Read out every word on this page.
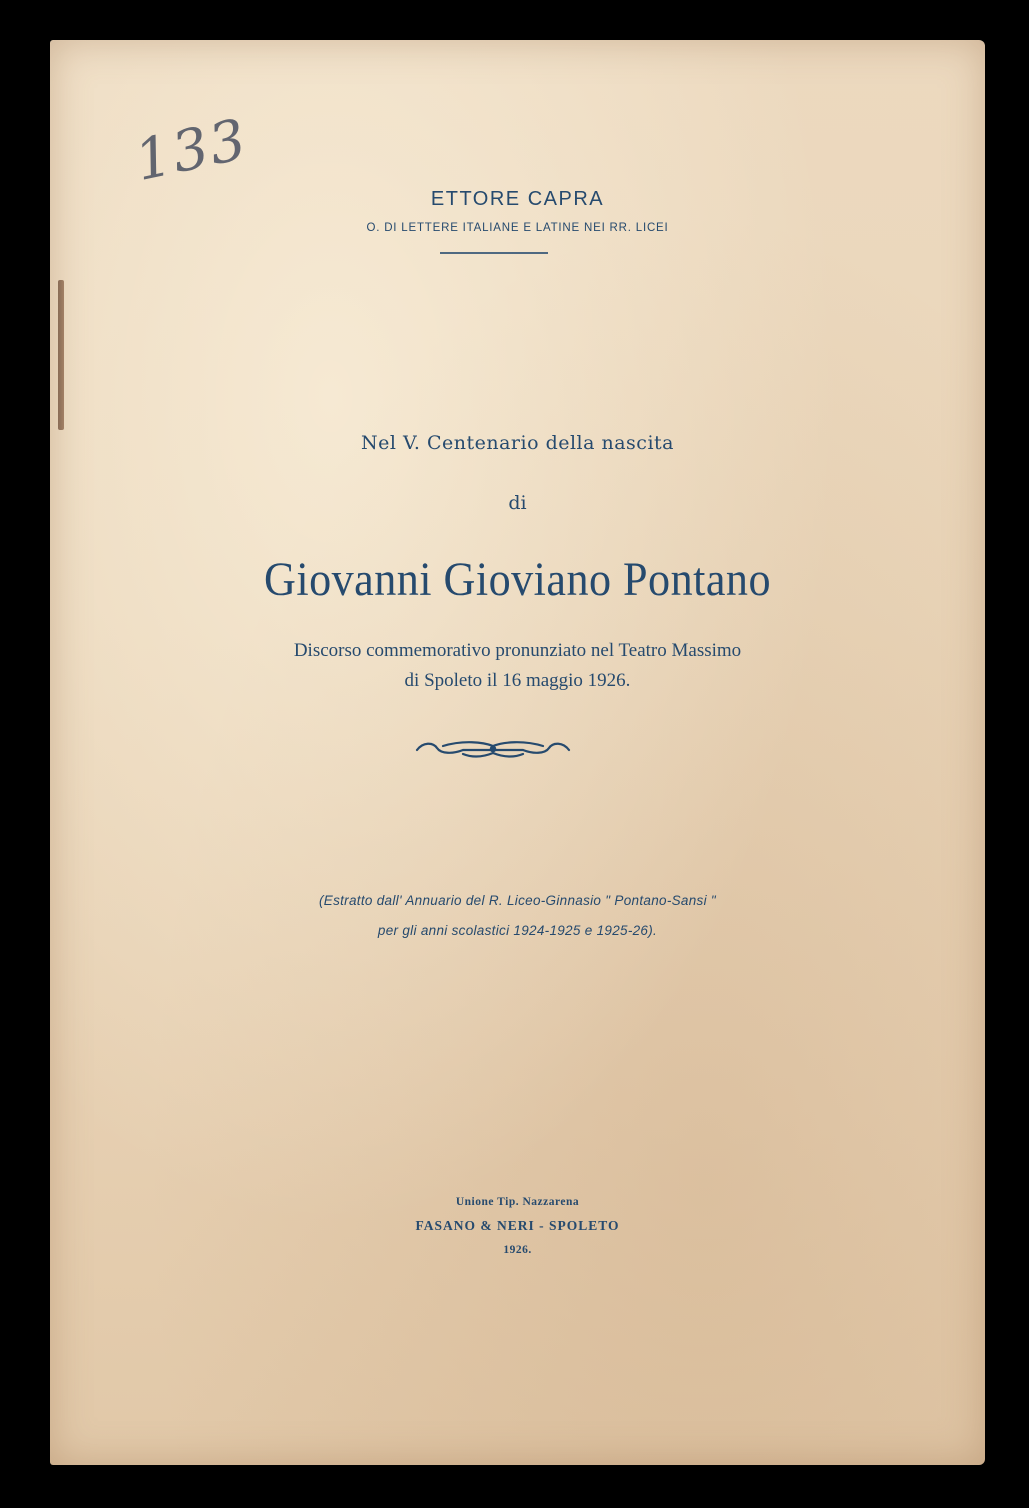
133
ETTORE CAPRA
O. DI LETTERE ITALIANE E LATINE NEI RR. LICEI
Nel V. Centenario della nascita
di
Giovanni Gioviano Pontano
Discorso commemorativo pronunziato nel Teatro Massimo
di Spoleto il 16 maggio 1926.
(Estratto dall' Annuario del R. Liceo-Ginnasio " Pontano-Sansi "
per gli anni scolastici 1924-1925 e 1925-26).
Unione Tip. Nazzarena
FASANO & NERI - SPOLETO
1926.
